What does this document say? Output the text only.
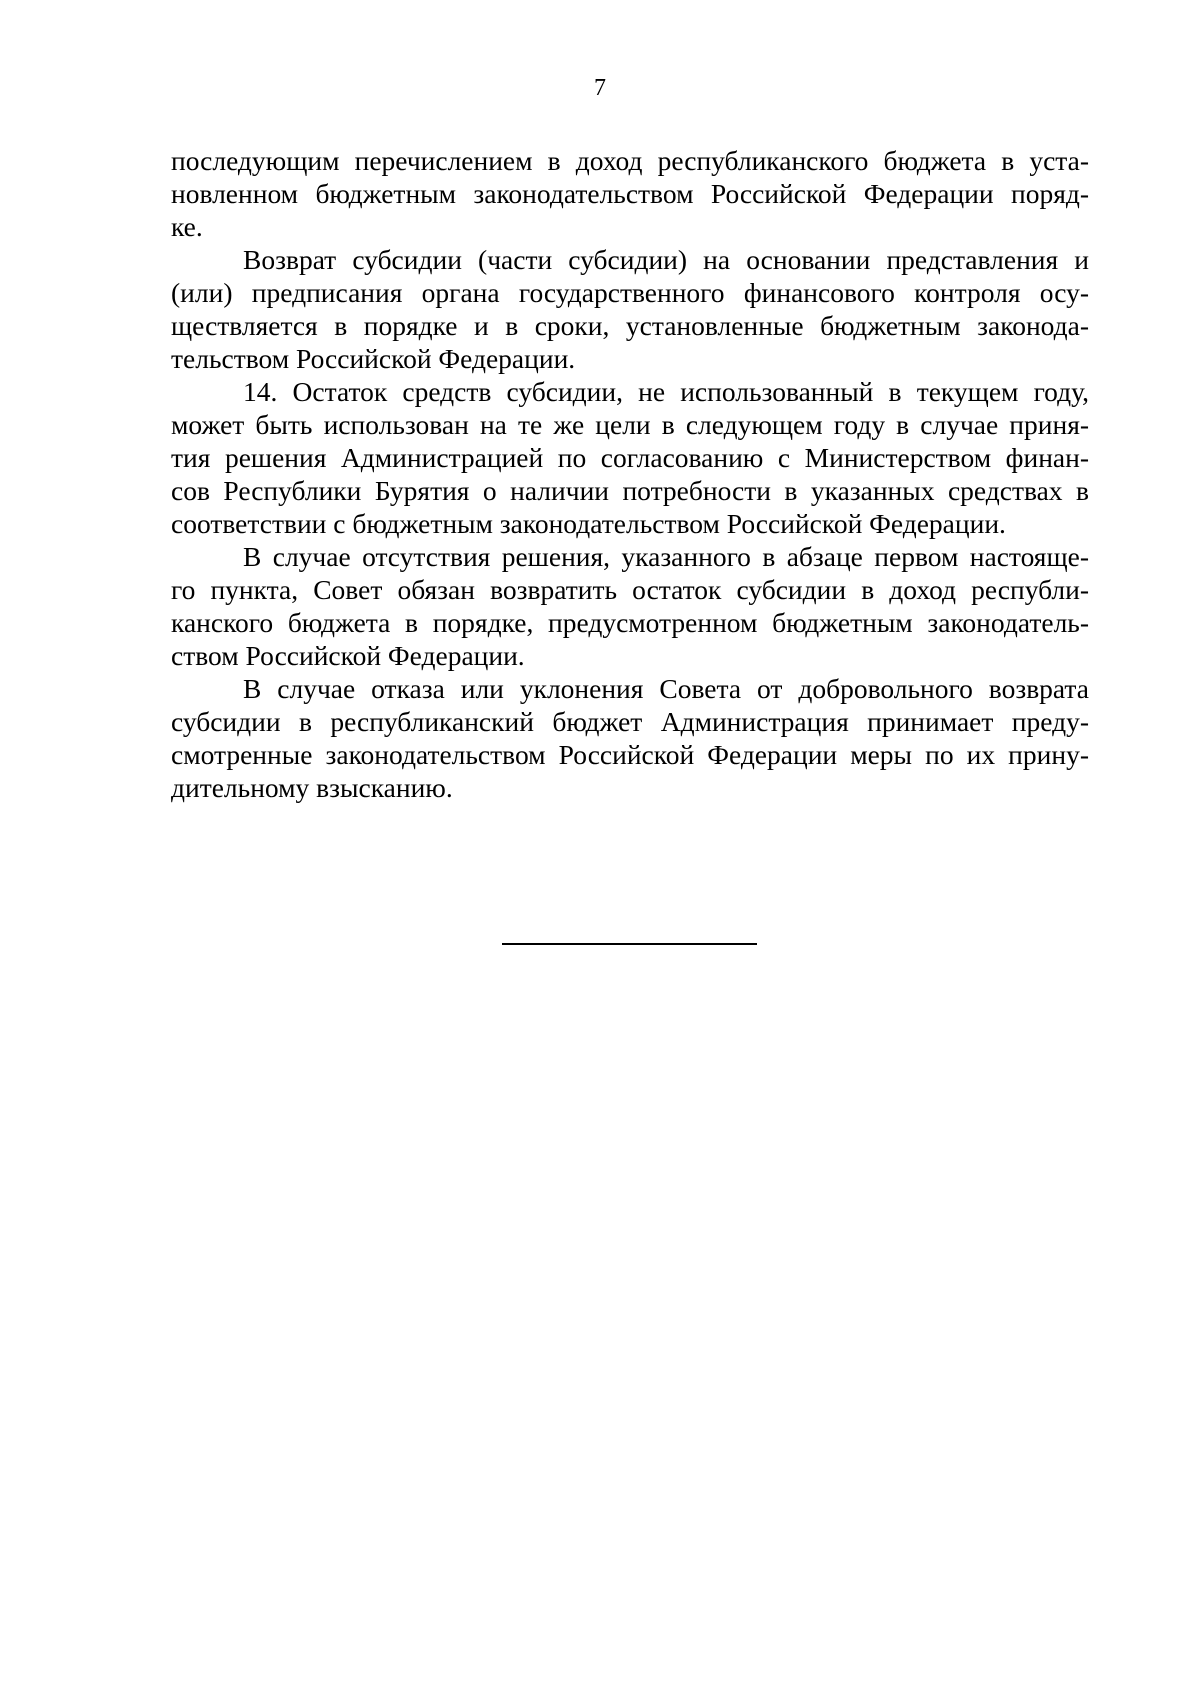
7

последующим перечислением в доход республиканского бюджета в уста-
новленном бюджетным законодательством Российской Федерации поряд-
ке.

Возврат субсидии (части субсидии) на основании представления и
(или) предписания органа государственного финансового контроля осу-
ществляется в порядке и в сроки, установленные бюджетным законода-
тельством Российской Федерации.

14. Остаток средств субсидии, не использованный в текущем году,
может быть использован на те же цели в следующем году в случае приня-
тия решения Администрацией по согласованию с Министерством финан-
сов Республики Бурятия о наличии потребности в указанных средствах в
соответствии с бюджетным законодательством Российской Федерации.

В случае отсутствия решения, указанного в абзаце первом настояще-
го пункта, Совет обязан возвратить остаток субсидии в доход республи-
канского бюджета в порядке, предусмотренном бюджетным законодатель-
ством Российской Федерации.

В случае отказа или уклонения Совета от добровольного возврата
субсидии в республиканский бюджет Администрация принимает преду-
смотренные законодательством Российской Федерации меры по их прину-
дительному взысканию.
